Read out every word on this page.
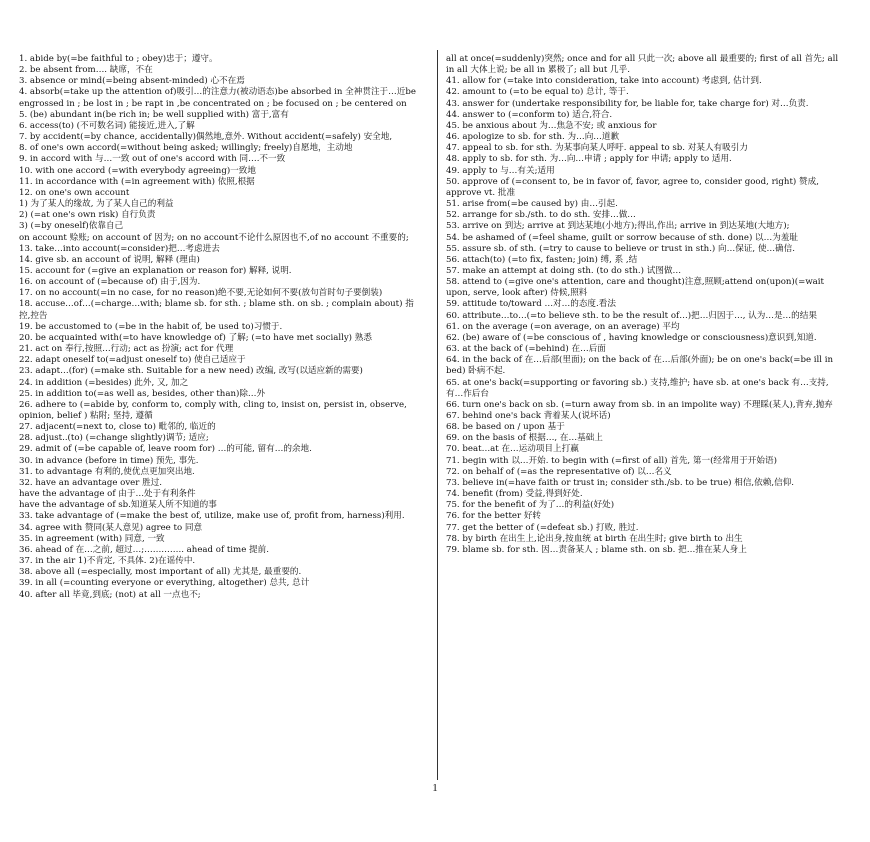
1. abide by(=be faithful to ; obey)忠于；遵守。

2. be absent from…. 缺席，不在

3. absence or mind(=being absent-minded) 心不在焉

4. absorb(=take up the attention of)吸引…的注意力(被动语态)be absorbed in 全神贯注于…近be engrossed in ; be lost in ; be rapt in ,be concentrated on ; be focused on ; be centered on

5. (be) abundant in(be rich in; be well supplied with) 富于,富有

6. access(to) (不可数名词) 能接近,进入,了解

7. by accident(=by chance, accidentally)偶然地,意外. Without accident(=safely) 安全地,

8. of one's own accord(=without being asked; willingly; freely)自愿地，主动地

9. in accord with 与…一致 out of one's accord with 同….不一致

10. with one accord (=with everybody agreeing)一致地

11. in accordance with (=in agreement with) 依照,根据

12. on one's own account

1) 为了某人的缘故, 为了某人自己的利益

2) (=at one's own risk) 自行负责

3) (=by oneself)依靠自己

on account 赊账; on account of 因为; on no account不论什么原因也不,of no account 不重要的;

13. take…into account(=consider)把…考虑进去

14. give sb. an account of 说明, 解释 (理由)

15. account for (=give an explanation or reason for) 解释, 说明.

16. on account of (=because of) 由于,因为.

17. on no account(=in no case, for no reason)绝不要,无论如何不要(放句首时句子要倒装)

18. accuse…of…(=charge…with; blame sb. for sth. ; blame sth. on sb. ; complain about) 指控,控告

19. be accustomed to (=be in the habit of, be used to)习惯于.

20. be acquainted with(=to have knowledge of) 了解; (=to have met socially) 熟悉

21. act on 奉行,按照…行动; act as 扮演; act for 代理

22. adapt oneself to(=adjust oneself to) 使自己适应于

23. adapt…(for) (=make sth. Suitable for a new need) 改编, 改写(以适应新的需要)

24. in addition (=besides) 此外, 又, 加之

25. in addition to(=as well as, besides, other than)除…外

26. adhere to (=abide by, conform to, comply with, cling to, insist on, persist in, observe, opinion, belief ) 粘附; 坚持, 遵循

27. adjacent(=next to, close to) 毗邻的, 临近的

28. adjust..(to) (=change slightly)调节; 适应;

29. admit of (=be capable of, leave room for) …的可能, 留有…的余地.

30. in advance (before in time) 预先, 事先.

31. to advantage 有利的,使优点更加突出地.

32. have an advantage over 胜过.

have the advantage of 由于…处于有利条件

have the advantage of sb.知道某人所不知道的事

33. take advantage of (=make the best of, utilize, make use of, profit from, harness)利用.

34. agree with 赞同(某人意见) agree to 同意

35. in agreement (with) 同意, 一致

36. ahead of 在…之前, 超过…;………….. ahead of time 提前.

37. in the air 1)不肯定, 不具体. 2)在谣传中.

38. above all (=especially, most important of all) 尤其是, 最重要的.

39. in all (=counting everyone or everything, altogether) 总共, 总计

40. after all 毕竟,到底; (not) at all 一点也不;

all at once(=suddenly)突然; once and for all 只此一次; above all 最重要的; first of all 首先; all in all 大体上说; be all in 累极了; all but 几乎.

41. allow for (=take into consideration, take into account) 考虑到, 估计到.

42. amount to (=to be equal to) 总计, 等于.

43. answer for (undertake responsibility for, be liable for, take charge for) 对…负责.

44. answer to (=conform to) 适合,符合.

45. be anxious about 为…焦急不安; 或 anxious for

46. apologize to sb. for sth. 为…向…道歉

47. appeal to sb. for sth. 为某事向某人呼吁. appeal to sb. 对某人有吸引力

48. apply to sb. for sth. 为…向…申请 ; apply for 申请; apply to 适用.

49. apply to 与…有关;适用

50. approve of (=consent to, be in favor of, favor, agree to, consider good, right) 赞成, approve vt. 批准

51. arise from(=be caused by) 由…引起.

52. arrange for sb./sth. to do sth. 安排…做…

53. arrive on 到达; arrive at 到达某地(小地方);得出,作出; arrive in 到达某地(大地方);

54. be ashamed of (=feel shame, guilt or sorrow because of sth. done) 以…为羞耻

55. assure sb. of sth. (=try to cause to believe or trust in sth.) 向…保证, 使…确信.

56. attach(to) (=to fix, fasten; join) 缚, 系 ,结

57. make an attempt at doing sth. (to do sth.) 试图做…

58. attend to (=give one's attention, care and thought)注意,照顾;attend on(upon)(=wait upon, serve, look after) 侍候,照料

59. attitude to/toward …对…的态度.看法

60. attribute…to…(=to believe sth. to be the result of…)把…归因于…, 认为…是…的结果

61. on the average (=on average, on an average) 平均

62. (be) aware of (=be conscious of , having knowledge or consciousness)意识到,知道.

63. at the back of (=behind) 在…后面

64. in the back of 在…后部(里面); on the back of 在…后部(外面); be on one's back(=be ill in bed) 卧病不起.

65. at one's back(=supporting or favoring sb.) 支持,维护; have sb. at one's back 有…支持, 有…作后台

66. turn one's back on sb. (=turn away from sb. in an impolite way) 不理睬(某人),背弃,抛弃

67. behind one's back 背着某人(说坏话)

68. be based on / upon 基于

69. on the basis of 根据…, 在…基础上

70. beat…at 在…运动项目上打赢

71. begin with 以…开始. to begin with (=first of all) 首先, 第一(经常用于开始语)

72. on behalf of (=as the representative of) 以…名义

73. believe in(=have faith or trust in; consider sth./sb. to be true) 相信,依赖,信仰.

74. benefit (from) 受益,得到好处.

75. for the benefit of 为了…的利益(好处)

76. for the better 好转

77. get the better of (=defeat sb.) 打败, 胜过.

78. by birth 在出生上,论出身,按血统 at birth 在出生时; give birth to 出生

79. blame sb. for sth. 因…责备某人 ; blame sth. on sb. 把…推在某人身上

1
